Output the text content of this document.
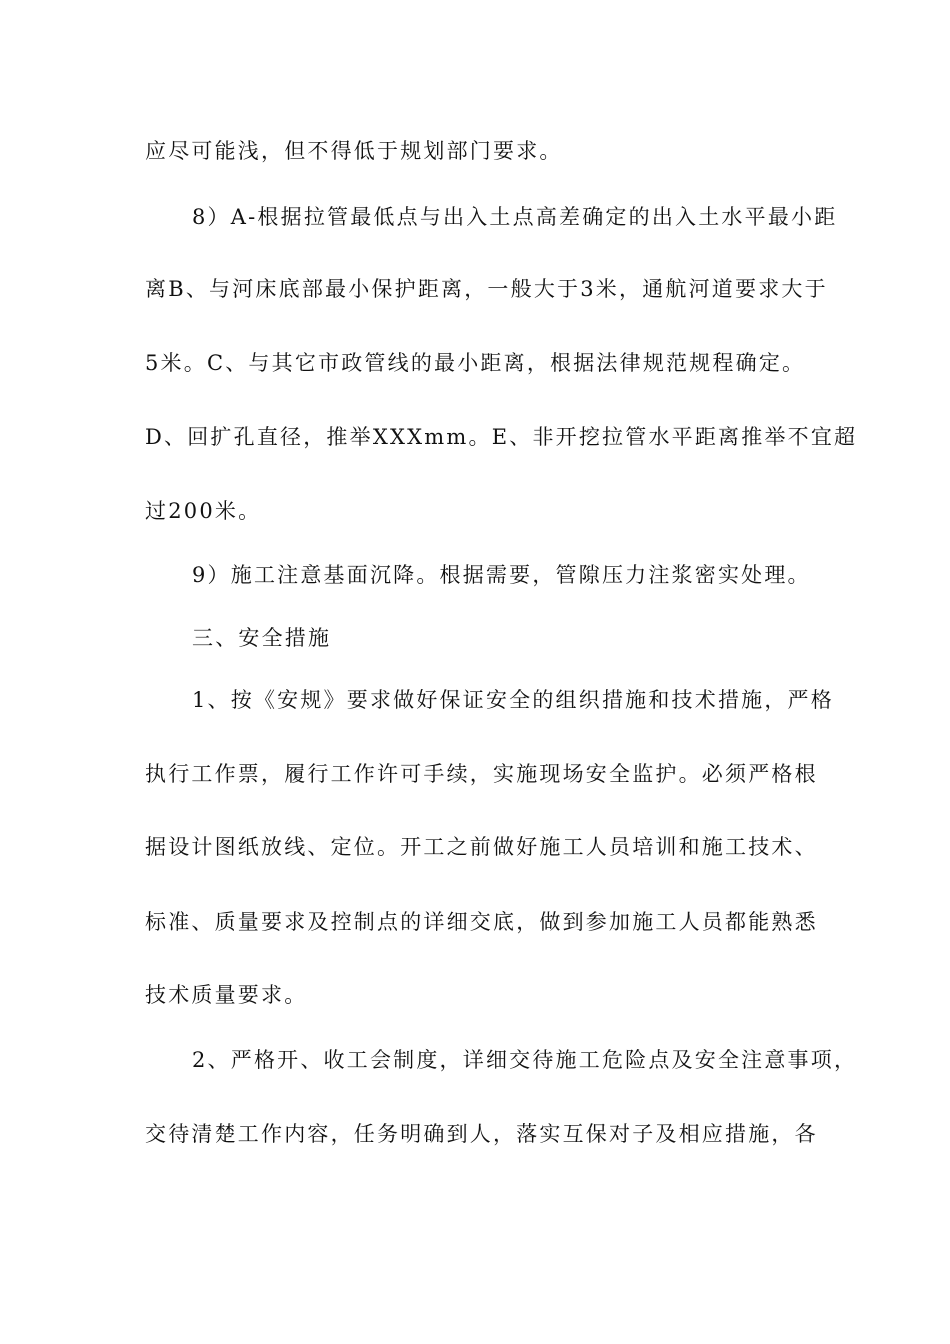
应尽可能浅，但不得低于规划部门要求。
8）A-根据拉管最低点与出入土点高差确定的出入土水平最小距
离B、与河床底部最小保护距离，一般大于3米，通航河道要求大于
5米。C、与其它市政管线的最小距离，根据法律规范规程确定。
D、回扩孔直径，推举XXXmm。E、非开挖拉管水平距离推举不宜超
过200米。
9）施工注意基面沉降。根据需要，管隙压力注浆密实处理。
三、安全措施
1、按《安规》要求做好保证安全的组织措施和技术措施，严格
执行工作票，履行工作许可手续，实施现场安全监护。必须严格根
据设计图纸放线、定位。开工之前做好施工人员培训和施工技术、
标准、质量要求及控制点的详细交底，做到参加施工人员都能熟悉
技术质量要求。
2、严格开、收工会制度，详细交待施工危险点及安全注意事项，
交待清楚工作内容，任务明确到人，落实互保对子及相应措施，各
